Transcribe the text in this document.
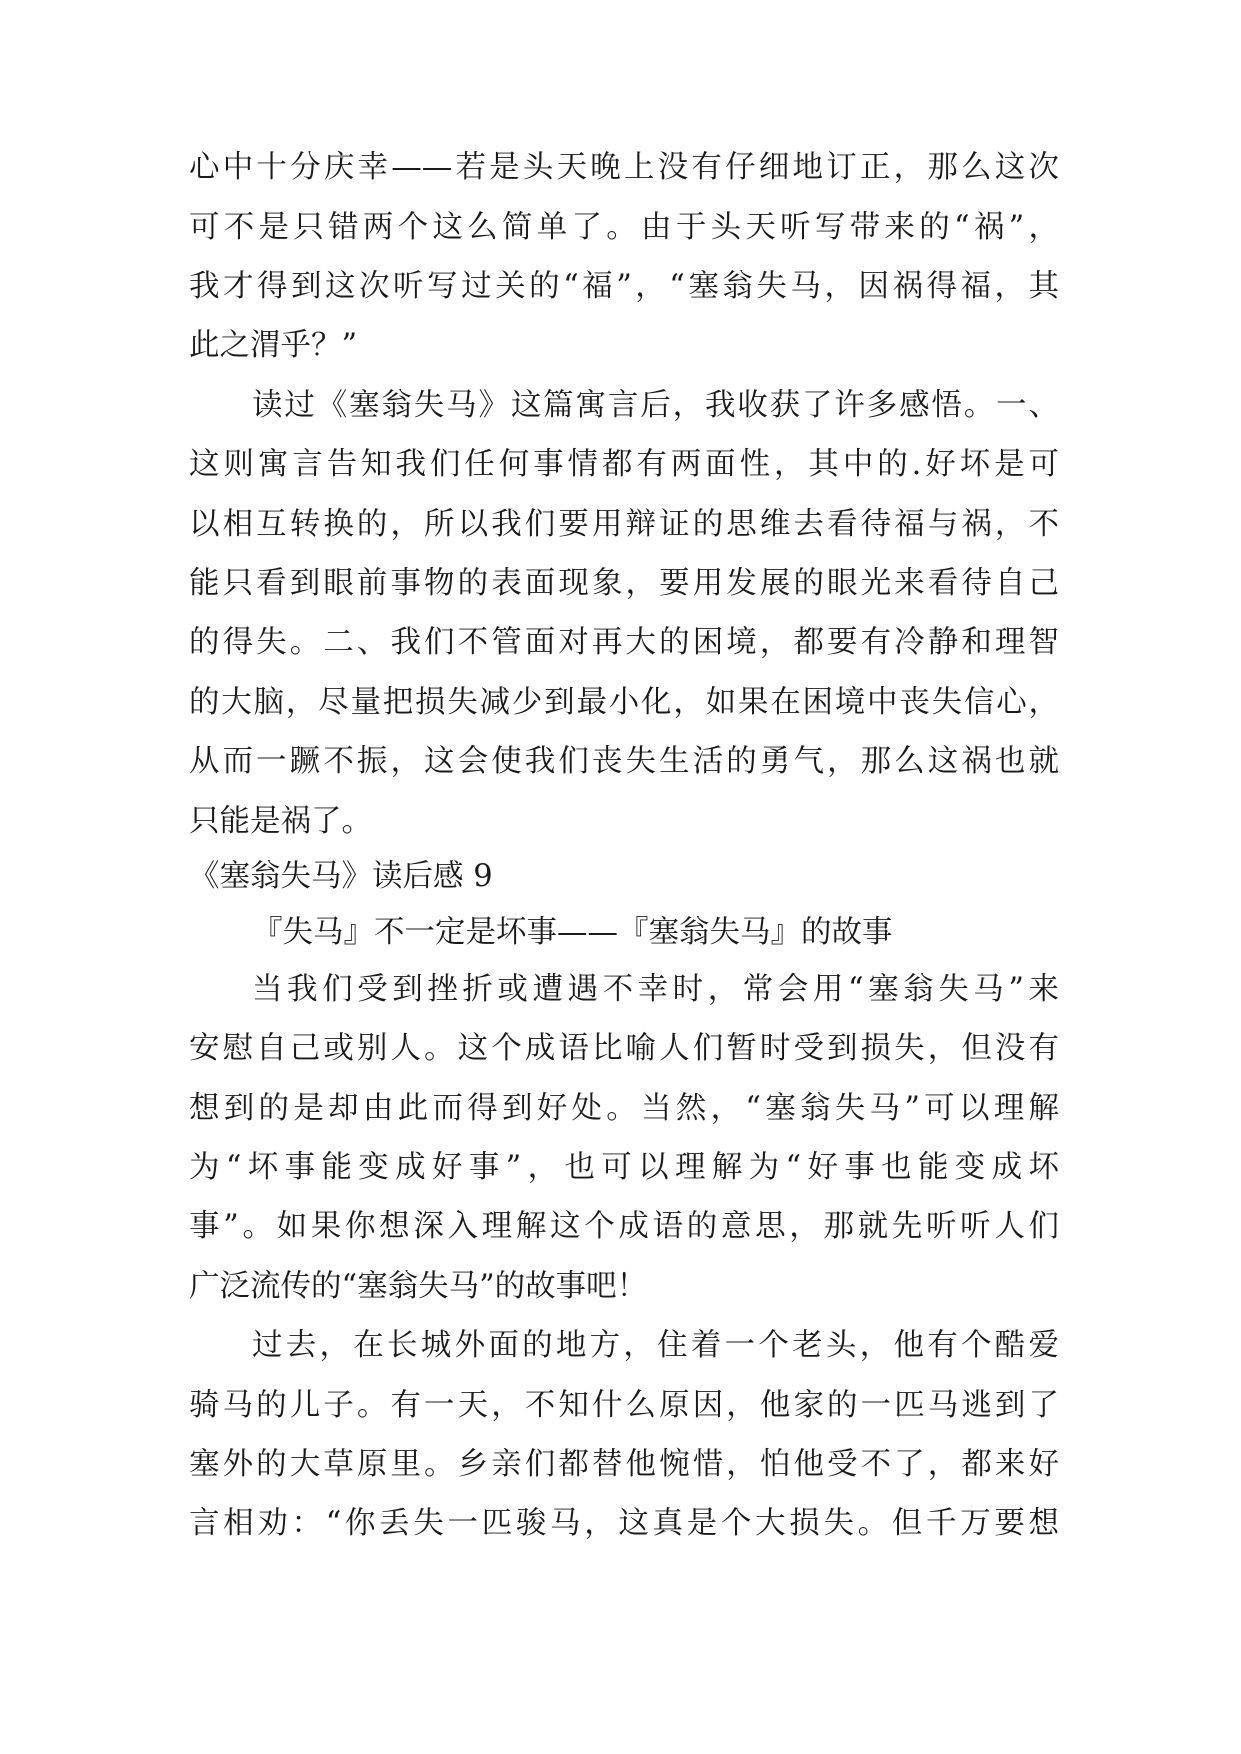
心中十分庆幸——若是头天晚上没有仔细地订正，那么这次
可不是只错两个这么简单了。由于头天听写带来的“祸”，
我才得到这次听写过关的“福”，“塞翁失马，因祸得福，其
此之渭乎？”
读过《塞翁失马》这篇寓言后，我收获了许多感悟。一、
这则寓言告知我们任何事情都有两面性，其中的.好坏是可
以相互转换的，所以我们要用辩证的思维去看待福与祸，不
能只看到眼前事物的表面现象，要用发展的眼光来看待自己
的得失。二、我们不管面对再大的困境，都要有冷静和理智
的大脑，尽量把损失减少到最小化，如果在困境中丧失信心，
从而一蹶不振，这会使我们丧失生活的勇气，那么这祸也就
只能是祸了。
《塞翁失马》读后感 9
『失马』不一定是坏事——『塞翁失马』的故事
当我们受到挫折或遭遇不幸时，常会用“塞翁失马”来
安慰自己或别人。这个成语比喻人们暂时受到损失，但没有
想到的是却由此而得到好处。当然，“塞翁失马”可以理解
为“坏事能变成好事”，也可以理解为“好事也能变成坏
事”。如果你想深入理解这个成语的意思，那就先听听人们
广泛流传的“塞翁失马”的故事吧！
过去，在长城外面的地方，住着一个老头，他有个酷爱
骑马的儿子。有一天，不知什么原因，他家的一匹马逃到了
塞外的大草原里。乡亲们都替他惋惜，怕他受不了，都来好
言相劝：“你丢失一匹骏马，这真是个大损失。但千万要想
